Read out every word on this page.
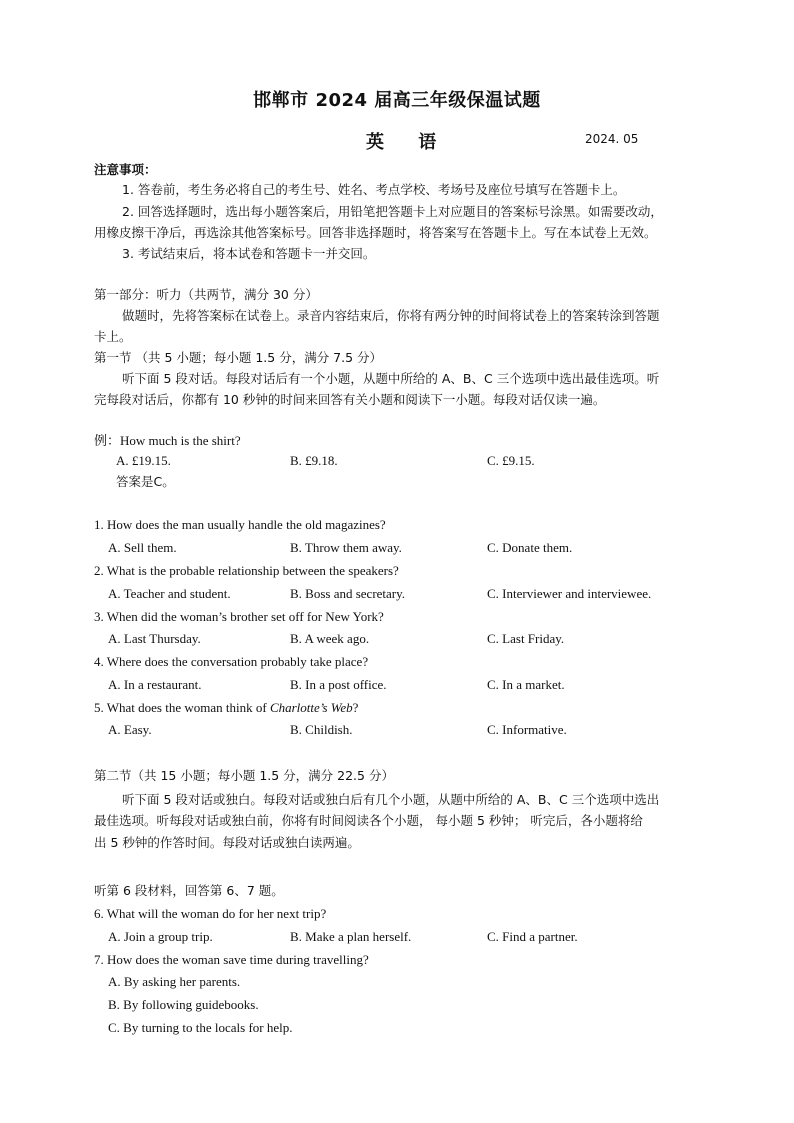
邯郸市 2024 届高三年级保温试题
英 语	2024. 05
注意事项：
1. 答卷前，考生务必将自己的考生号、姓名、考点学校、考场号及座位号填写在答题卡上。
2. 回答选择题时，选出每小题答案后，用铅笔把答题卡上对应题目的答案标号涂黑。如需要改动，
用橡皮擦干净后，再选涂其他答案标号。回答非选择题时，将答案写在答题卡上。写在本试卷上无效。
3. 考试结束后，将本试卷和答题卡一并交回。
第一部分：听力（共两节，满分 30 分）
做题时，先将答案标在试卷上。录音内容结束后，你将有两分钟的时间将试卷上的答案转涂到答题
卡上。
第一节 （共 5 小题；每小题 1.5 分，满分 7.5 分）
听下面 5 段对话。每段对话后有一个小题，从题中所给的 A、B、C 三个选项中选出最佳选项。听
完每段对话后，你都有 10 秒钟的时间来回答有关小题和阅读下一小题。每段对话仅读一遍。
例：How much is the shirt?
A. £19.15.	B. £9.18.	C. £9.15.
答案是C。
1. How does the man usually handle the old magazines?
A. Sell them.	B. Throw them away.	C. Donate them.
2. What is the probable relationship between the speakers?
A. Teacher and student.	B. Boss and secretary.	C. Interviewer and interviewee.
3. When did the woman’s brother set off for New York?
A. Last Thursday.	B. A week ago.	C. Last Friday.
4. Where does the conversation probably take place?
A. In a restaurant.	B. In a post office.	C. In a market.
5. What does the woman think of Charlotte’s Web?
A. Easy.	B. Childish.	C. Informative.
第二节（共 15 小题；每小题 1.5 分，满分 22.5 分）
听下面 5 段对话或独白。每段对话或独白后有几个小题，从题中所给的 A、B、C 三个选项中选出
最佳选项。听每段对话或独白前，你将有时间阅读各个小题， 每小题 5 秒钟； 听完后，各小题将给
出 5 秒钟的作答时间。每段对话或独白读两遍。
听第 6 段材料，回答第 6、7 题。
6. What will the woman do for her next trip?
A. Join a group trip.	B. Make a plan herself.	C. Find a partner.
7. How does the woman save time during travelling?
A. By asking her parents.
B. By following guidebooks.
C. By turning to the locals for help.
